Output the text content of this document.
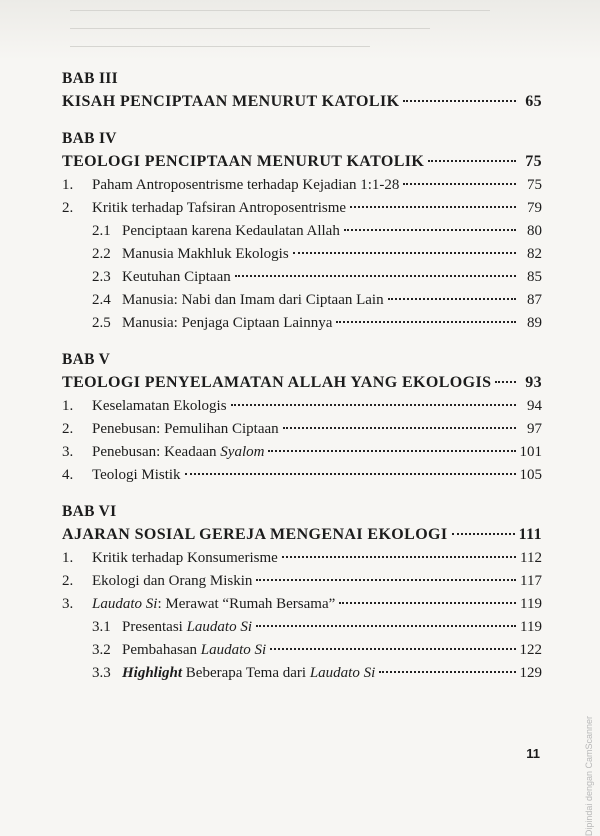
BAB III
KISAH PENCIPTAAN MENURUT KATOLIK	65
BAB IV
TEOLOGI PENCIPTAAN MENURUT KATOLIK	75
1.	Paham Antroposentrisme terhadap Kejadian 1:1-28	75
2.	Kritik terhadap Tafsiran Antroposentrisme	79
2.1 Penciptaan karena Kedaulatan Allah	80
2.2 Manusia Makhluk Ekologis	82
2.3 Keutuhan Ciptaan	85
2.4 Manusia: Nabi dan Imam dari Ciptaan Lain	87
2.5 Manusia: Penjaga Ciptaan Lainnya	89
BAB V
TEOLOGI PENYELAMATAN ALLAH YANG EKOLOGIS	93
1.	Keselamatan Ekologis	94
2.	Penebusan: Pemulihan Ciptaan	97
3.	Penebusan: Keadaan Syalom	101
4.	Teologi Mistik	105
BAB VI
AJARAN SOSIAL GEREJA MENGENAI EKOLOGI	111
1.	Kritik terhadap Konsumerisme	112
2.	Ekologi dan Orang Miskin	117
3.	Laudato Si: Merawat “Rumah Bersama”	119
3.1 Presentasi Laudato Si	119
3.2 Pembahasan Laudato Si	122
3.3 Highlight Beberapa Tema dari Laudato Si	129
11	Dipindai dengan CamScanner
